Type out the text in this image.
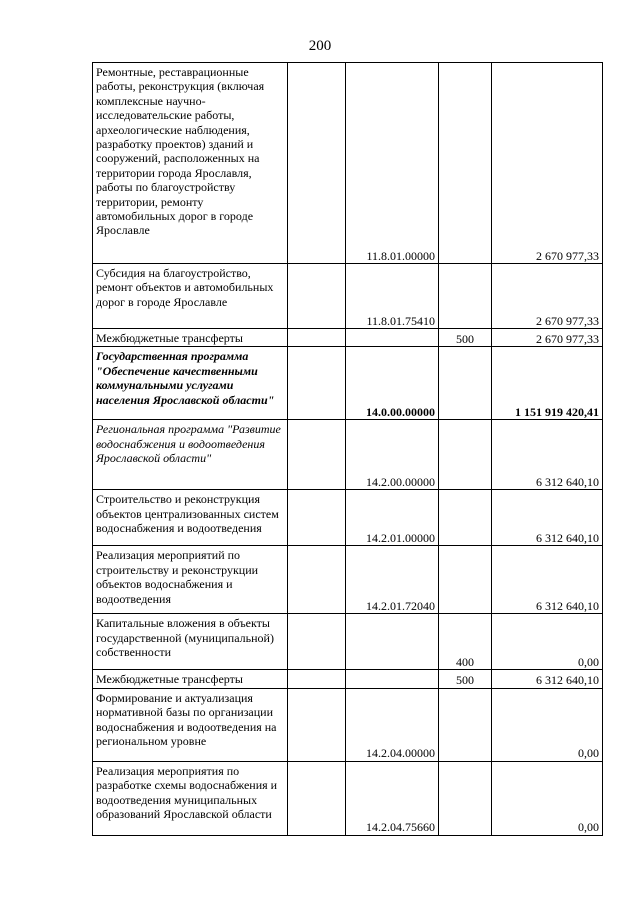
200
Ремонтные, реставрационные работы, реконструкция (включая комплексные научно-исследовательские работы, археологические наблюдения, разработку проектов) зданий и сооружений, расположенных на территории города Ярославля, работы по благоустройству территории, ремонту автомобильных дорог в городе Ярославле		11.8.01.00000		2 670 977,33
Субсидия на благоустройство, ремонт объектов и автомобильных дорог в городе Ярославле		11.8.01.75410		2 670 977,33
Межбюджетные трансферты			500	2 670 977,33
Государственная программа "Обеспечение качественными коммунальными услугами населения Ярославской области"		14.0.00.00000		1 151 919 420,41
Региональная программа "Развитие водоснабжения и водоотведения Ярославской области"		14.2.00.00000		6 312 640,10
Строительство и реконструкция объектов централизованных систем водоснабжения и водоотведения		14.2.01.00000		6 312 640,10
Реализация мероприятий по строительству и реконструкции объектов водоснабжения и водоотведения		14.2.01.72040		6 312 640,10
Капитальные вложения в объекты государственной (муниципальной) собственности			400	0,00
Межбюджетные трансферты			500	6 312 640,10
Формирование и актуализация нормативной базы по организации водоснабжения и водоотведения на региональном уровне		14.2.04.00000		0,00
Реализация мероприятия по разработке схемы водоснабжения и водоотведения муниципальных образований Ярославской области		14.2.04.75660		0,00
